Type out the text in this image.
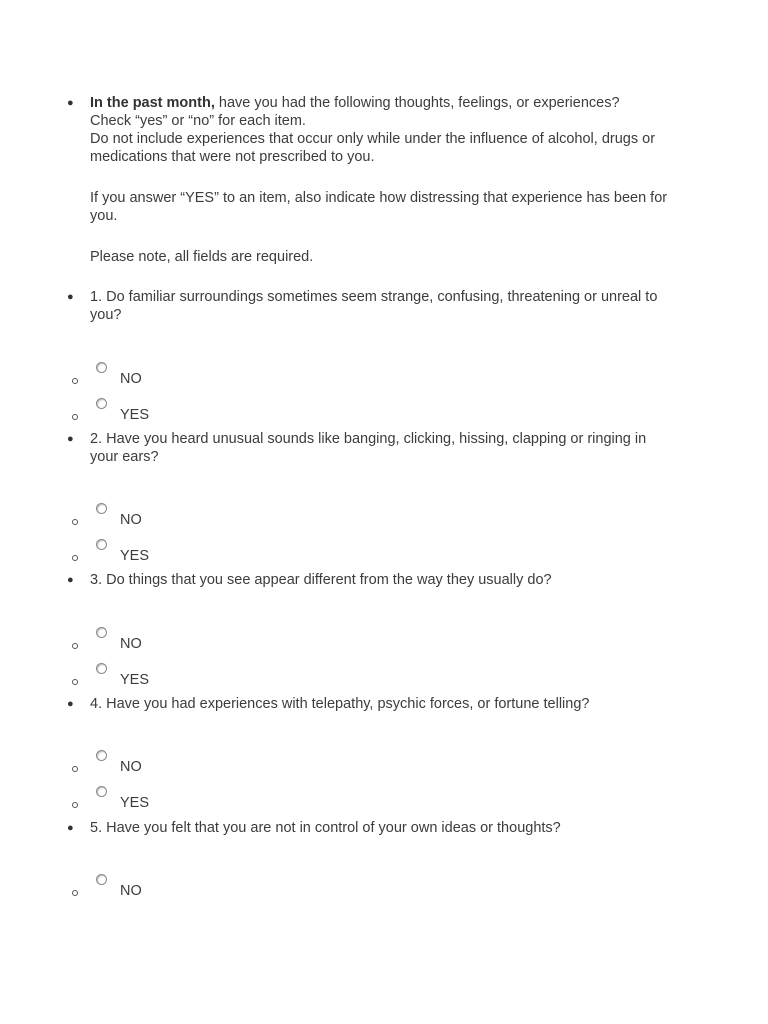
● In the past month, have you had the following thoughts, feelings, or experiences?

Check “yes” or “no” for each item.

Do not include experiences that occur only while under the influence of alcohol, drugs or medications that were not prescribed to you.

If you answer “YES” to an item, also indicate how distressing that experience has been for you.

Please note, all fields are required.

● 1. Do familiar surroundings sometimes seem strange, confusing, threatening or unreal to you?
NO
YES
● 2. Have you heard unusual sounds like banging, clicking, hissing, clapping or ringing in your ears?
NO
YES
● 3. Do things that you see appear different from the way they usually do?
NO
YES
● 4. Have you had experiences with telepathy, psychic forces, or fortune telling?
NO
YES
● 5. Have you felt that you are not in control of your own ideas or thoughts?
NO
